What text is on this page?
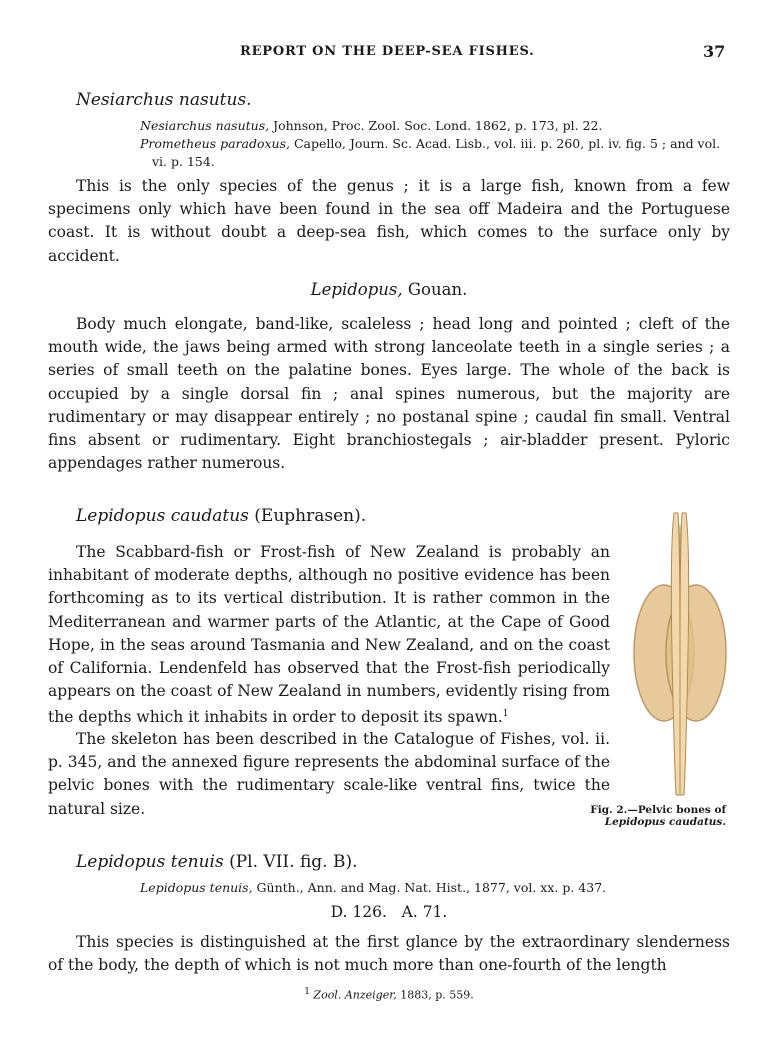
REPORT ON THE DEEP-SEA FISHES.	37
Nesiarchus nasutus.
Nesiarchus nasutus, Johnson, Proc. Zool. Soc. Lond. 1862, p. 173, pl. 22.
Prometheus paradoxus, Capello, Journ. Sc. Acad. Lisb., vol. iii. p. 260, pl. iv. fig. 5 ; and vol.
vi. p. 154.

This is the only species of the genus ; it is a large fish, known from a few specimens only which have been found in the sea off Madeira and the Portuguese coast. It is without doubt a deep-sea fish, which comes to the surface only by accident.

Lepidopus, Gouan.

Body much elongate, band-like, scaleless ; head long and pointed ; cleft of the mouth wide, the jaws being armed with strong lanceolate teeth in a single series ; a series of small teeth on the palatine bones. Eyes large. The whole of the back is occupied by a single dorsal fin ; anal spines numerous, but the majority are rudimentary or may disappear entirely ; no postanal spine ; caudal fin small. Ventral fins absent or rudimentary. Eight branchiostegals ; air-bladder present. Pyloric appendages rather numerous.

Lepidopus caudatus (Euphrasen).

The Scabbard-fish or Frost-fish of New Zealand is probably an inhabitant of moderate depths, although no positive evidence has been forthcoming as to its vertical distribution. It is rather common in the Mediterranean and warmer parts of the Atlantic, at the Cape of Good Hope, in the seas around Tasmania and New Zealand, and on the coast of California. Lendenfeld has observed that the Frost-fish periodically appears on the coast of New Zealand in numbers, evidently rising from the depths which it inhabits in order to deposit its spawn.$^1$

The skeleton has been described in the Catalogue of Fishes, vol. ii. p. 345, and the annexed figure represents the abdominal surface of the pelvic bones with the rudimentary scale-like ventral fins, twice the natural size.	Fig. 2.—Pelvic bones of
Lepidopus caudatus.
Lepidopus tenuis (Pl. VII. fig. B).
Lepidopus tenuis, Günth., Ann. and Mag. Nat. Hist., 1877, vol. xx. p. 437.
D. 126.   A. 71.

This species is distinguished at the first glance by the extraordinary slenderness of the body, the depth of which is not much more than one-fourth of the length

$^1$ Zool. Anzeiger, 1883, p. 559.
